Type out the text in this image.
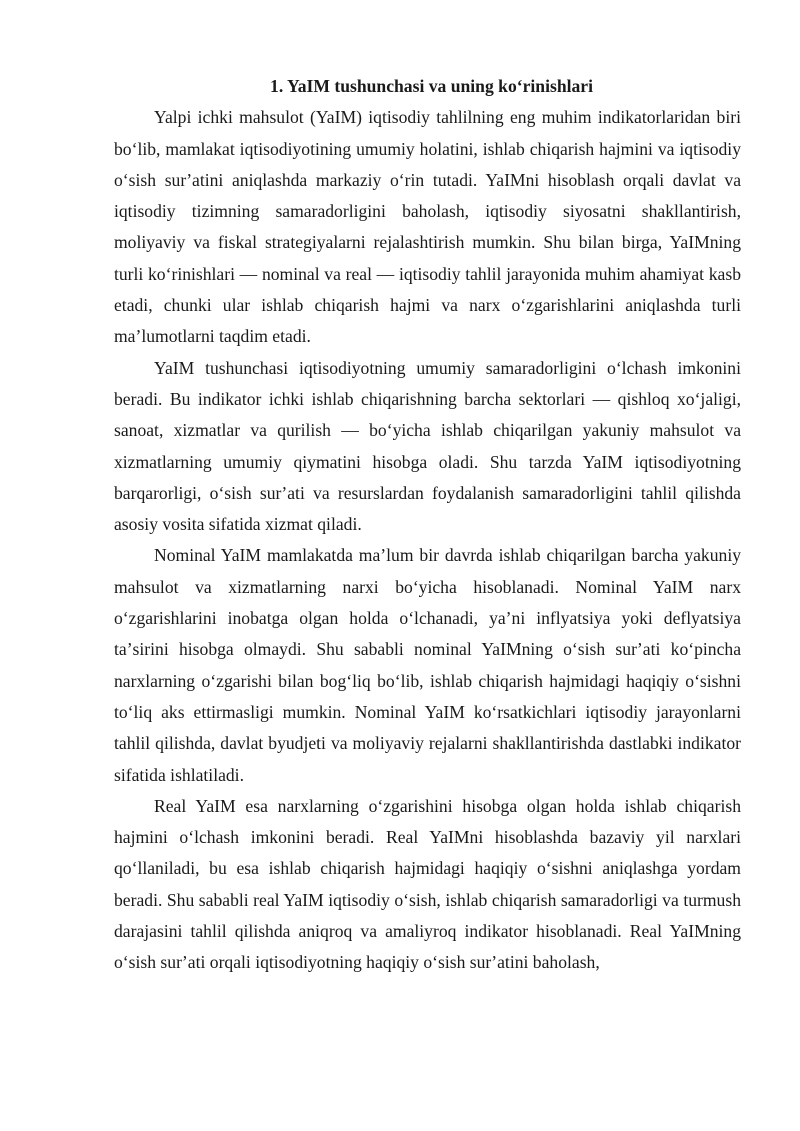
1. YaIM tushunchasi va uning koʻrinishlari

Yalpi ichki mahsulot (YaIM) iqtisodiy tahlilning eng muhim indikatorlaridan biri boʻlib, mamlakat iqtisodiyotining umumiy holatini, ishlab chiqarish hajmini va iqtisodiy oʻsish surʼatini aniqlashda markaziy oʻrin tutadi. YaIMni hisoblash orqali davlat va iqtisodiy tizimning samaradorligini baholash, iqtisodiy siyosatni shakllantirish, moliyaviy va fiskal strategiyalarni rejalashtirish mumkin. Shu bilan birga, YaIMning turli koʻrinishlari — nominal va real — iqtisodiy tahlil jarayonida muhim ahamiyat kasb etadi, chunki ular ishlab chiqarish hajmi va narx oʻzgarishlarini aniqlashda turli maʼlumotlarni taqdim etadi.

YaIM tushunchasi iqtisodiyotning umumiy samaradorligini oʻlchash imkonini beradi. Bu indikator ichki ishlab chiqarishning barcha sektorlari — qishloq xoʻjaligi, sanoat, xizmatlar va qurilish — boʻyicha ishlab chiqarilgan yakuniy mahsulot va xizmatlarning umumiy qiymatini hisobga oladi. Shu tarzda YaIM iqtisodiyotning barqarorligi, oʻsish surʼati va resurslardan foydalanish samaradorligini tahlil qilishda asosiy vosita sifatida xizmat qiladi.

Nominal YaIM mamlakatda maʼlum bir davrda ishlab chiqarilgan barcha yakuniy mahsulot va xizmatlarning narxi boʻyicha hisoblanadi. Nominal YaIM narx oʻzgarishlarini inobatga olgan holda oʻlchanadi, yaʼni inflyatsiya yoki deflyatsiya taʼsirini hisobga olmaydi. Shu sababli nominal YaIMning oʻsish surʼati koʻpincha narxlarning oʻzgarishi bilan bogʻliq boʻlib, ishlab chiqarish hajmidagi haqiqiy oʻsishni toʻliq aks ettirmasligi mumkin. Nominal YaIM koʻrsatkichlari iqtisodiy jarayonlarni tahlil qilishda, davlat byudjeti va moliyaviy rejalarni shakllantirishda dastlabki indikator sifatida ishlatiladi.

Real YaIM esa narxlarning oʻzgarishini hisobga olgan holda ishlab chiqarish hajmini oʻlchash imkonini beradi. Real YaIMni hisoblashda bazaviy yil narxlari qoʻllaniladi, bu esa ishlab chiqarish hajmidagi haqiqiy oʻsishni aniqlashga yordam beradi. Shu sababli real YaIM iqtisodiy oʻsish, ishlab chiqarish samaradorligi va turmush darajasini tahlil qilishda aniqroq va amaliyroq indikator hisoblanadi. Real YaIMning oʻsish surʼati orqali iqtisodiyotning haqiqiy oʻsish surʼatini baholash,
